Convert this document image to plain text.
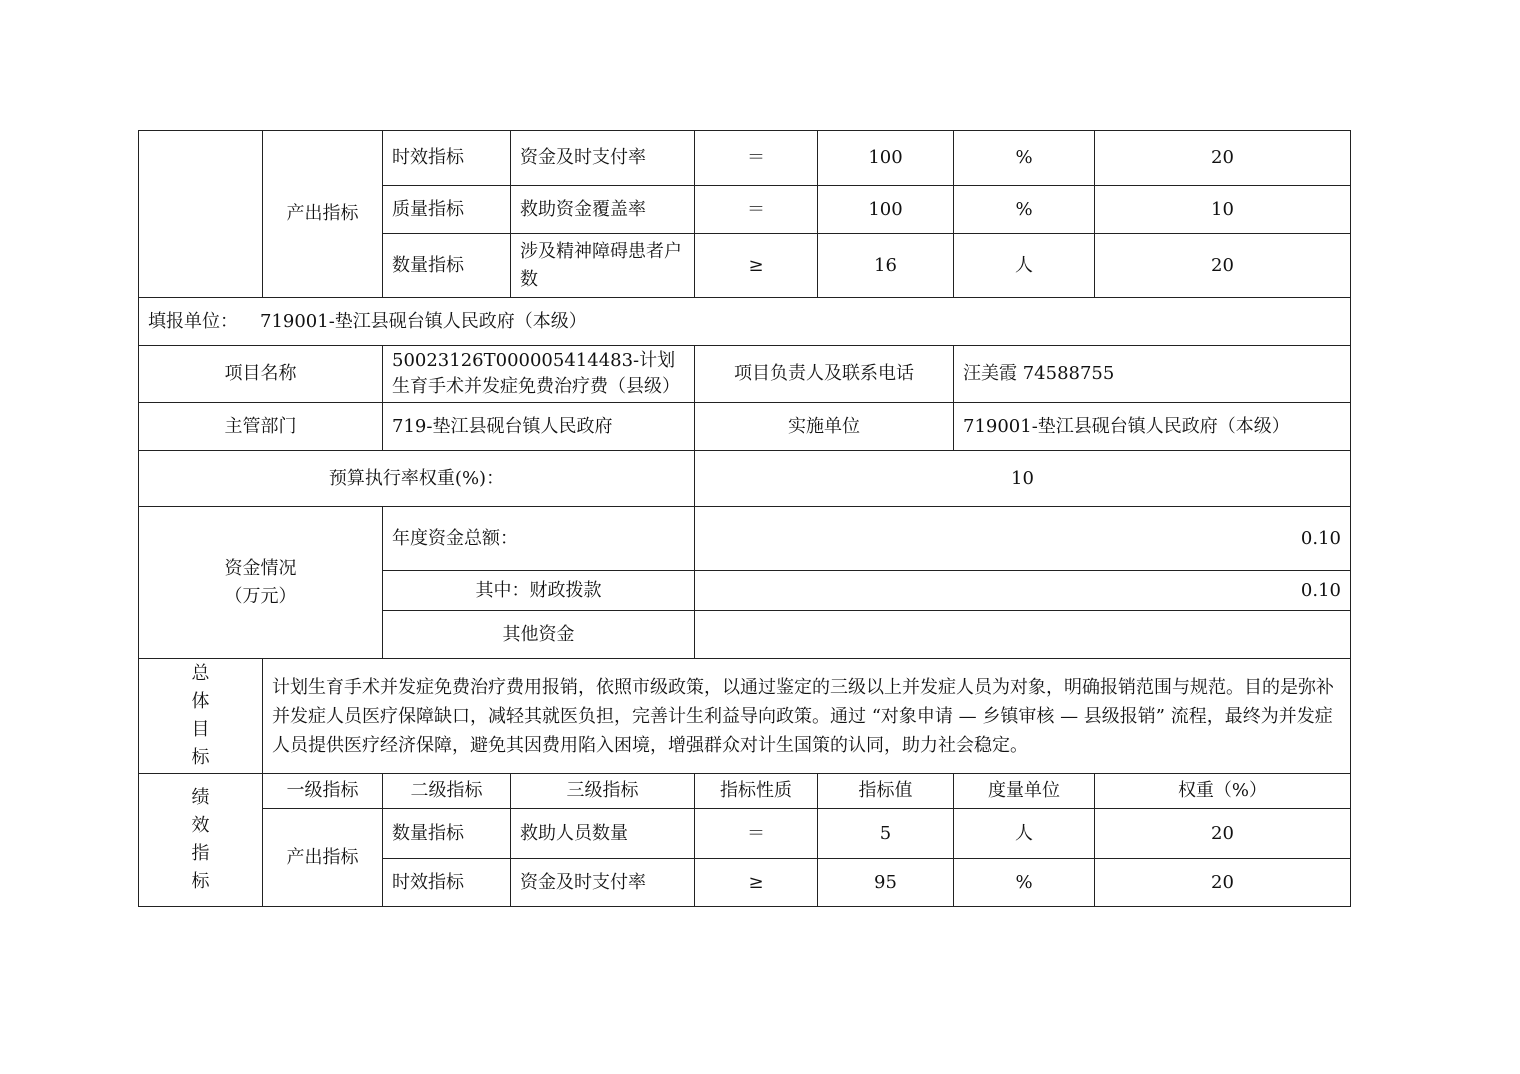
	产出指标	时效指标	资金及时支付率	＝	100	%	20
		质量指标	救助资金覆盖率	＝	100	%	10
		数量指标	涉及精神障碍患者户数	≥	16	人	20
填报单位： 719001-垫江县砚台镇人民政府（本级）							
项目名称		50023126T000005414483-计划生育手术并发症免费治疗费（县级）		项目负责人及联系电话		汪美霞 74588755	
主管部门		719-垫江县砚台镇人民政府		实施单位		719001-垫江县砚台镇人民政府（本级）	
预算执行率权重(%)：				10			

资金情况
（万元）		年度资金总额：		0.10			
		其中：财政拨款		0.10			
		其他资金					

总
体
目
标	计划生育手术并发症免费治疗费用报销，依照市级政策，以通过鉴定的三级以上并发症人员为对象，明确报销范围与规范。目的是弥补并发症人员医疗保障缺口，减轻其就医负担，完善计生利益导向政策。通过 “对象申请 — 乡镇审核 — 县级报销” 流程，最终为并发症人员提供医疗经济保障，避免其因费用陷入困境，增强群众对计生国策的认同，助力社会稳定。						

绩
效
指
标	一级指标	二级指标	三级指标	指标性质	指标值	度量单位	权重（%）
	产出指标	数量指标	救助人员数量	＝	5	人	20
		时效指标	资金及时支付率	≥	95	%	20
